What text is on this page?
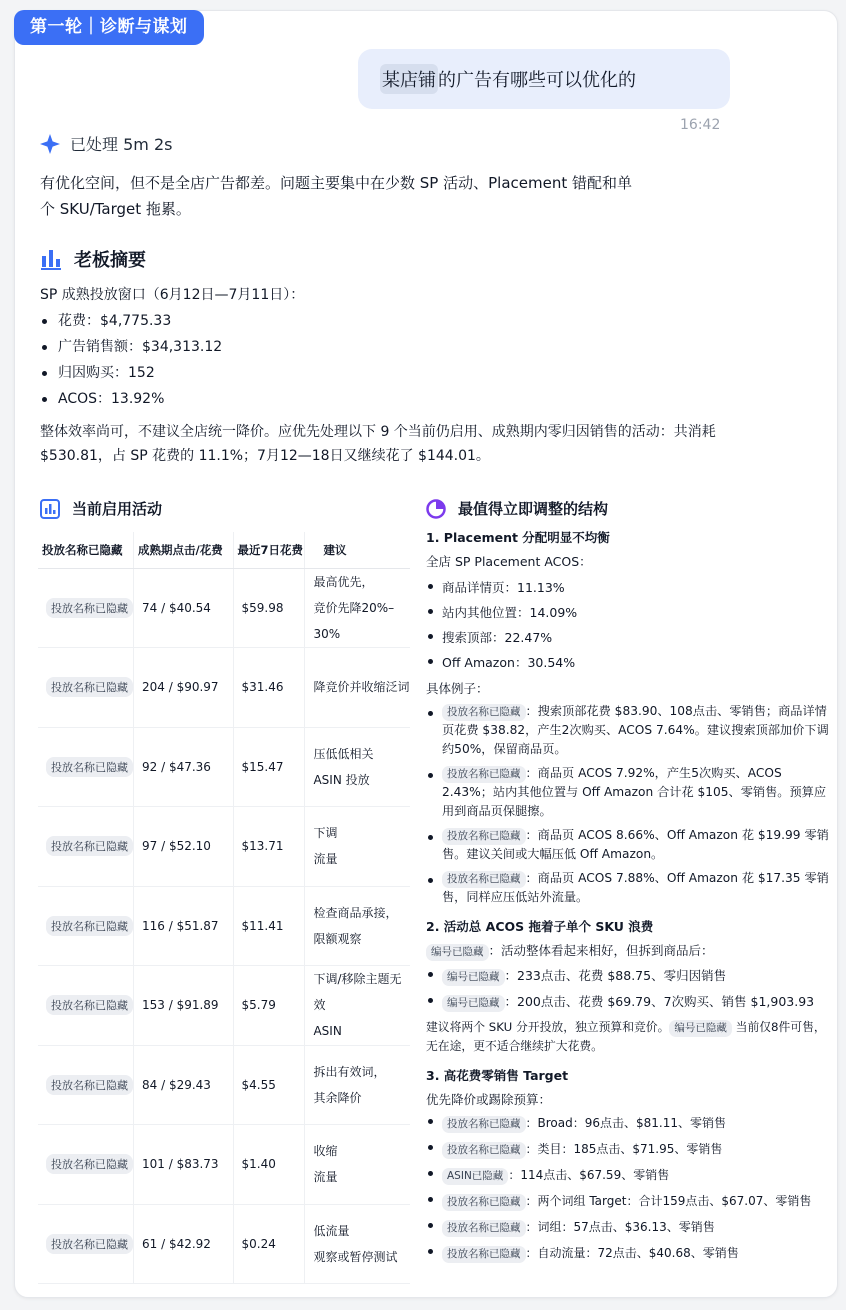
第一轮｜诊断与谋划
某店铺 的广告有哪些可以优化的
16:42
已处理 5m 2s
有优化空间，但不是全店广告都差。问题主要集中在少数 SP 活动、Placement 错配和单个 SKU/Target 拖累。
老板摘要
SP 成熟投放窗口（6月12日—7月11日）：
花费：$4,775.33
广告销售额：$34,313.12
归因购买：152
ACOS：13.92%
整体效率尚可，不建议全店统一降价。应优先处理以下 9 个当前仍启用、成熟期内零归因销售的活动：共消耗 $530.81，占 SP 花费的 11.1%；7月12—18日又继续花了 $144.01。
当前启用活动
投放名称已隐藏	成熟期点击/花费	最近7日花费	建议
投放名称已隐藏	74 / $40.54	$59.98	最高优先，
竞价先降20%–30%

投放名称已隐藏	204 / $90.97	$31.46	降竞价并收缩泛词

投放名称已隐藏	92 / $47.36	$15.47	压低低相关
ASIN 投放

投放名称已隐藏	97 / $52.10	$13.71	下调
流量

投放名称已隐藏	116 / $51.87	$11.41	检查商品承接，
限额观察

投放名称已隐藏	153 / $91.89	$5.79	下调/移除主题无效
ASIN

投放名称已隐藏	84 / $29.43	$4.55	拆出有效词，
其余降价

投放名称已隐藏	101 / $83.73	$1.40	收缩
流量

投放名称已隐藏	61 / $42.92	$0.24	低流量
观察或暂停测试
最值得立即调整的结构
1. Placement 分配明显不均衡
全店 SP Placement ACOS：
商品详情页：11.13%
站内其他位置：14.09%
搜索顶部：22.47%
Off Amazon：30.54%
具体例子：
投放名称已隐藏 ：搜索顶部花费 $83.90、108点击、零销售；商品详情页花费 $38.82，产生2次购买、ACOS 7.64%。建议搜索顶部加价下调约50%，保留商品页。
投放名称已隐藏 ：商品页 ACOS 7.92%，产生5次购买、ACOS 2.43%；站内其他位置与 Off Amazon 合计花 $105、零销售。预算应用到商品页保腿擦。
投放名称已隐藏 ：商品页 ACOS 8.66%、Off Amazon 花 $19.99 零销售。建议关间或大幅压低 Off Amazon。
投放名称已隐藏 ：商品页 ACOS 7.88%、Off Amazon 花 $17.35 零销售，同样应压低站外流量。
2. 活动总 ACOS 拖着子单个 SKU 浪费
编号已隐藏 ：活动整体看起来相好，但拆到商品后：
编号已隐藏 ：233点击、花费 $88.75、零归因销售
编号已隐藏 ：200点击、花费 $69.79、7次购买、销售 $1,903.93
建议将两个 SKU 分开投放，独立预算和竞价。 编号已隐藏 当前仅8件可售，无在途，更不适合继续扩大花费。
3. 高花费零销售 Target
优先降价或踢除预算：
投放名称已隐藏 ：Broad：96点击、$81.11、零销售
投放名称已隐藏 ：类目：185点击、$71.95、零销售
ASIN已隐藏 ：114点击、$67.59、零销售
投放名称已隐藏 ：两个词组 Target：合计159点击、$67.07、零销售
投放名称已隐藏 ：词组：57点击、$36.13、零销售
投放名称已隐藏 ：自动流量：72点击、$40.68、零销售
